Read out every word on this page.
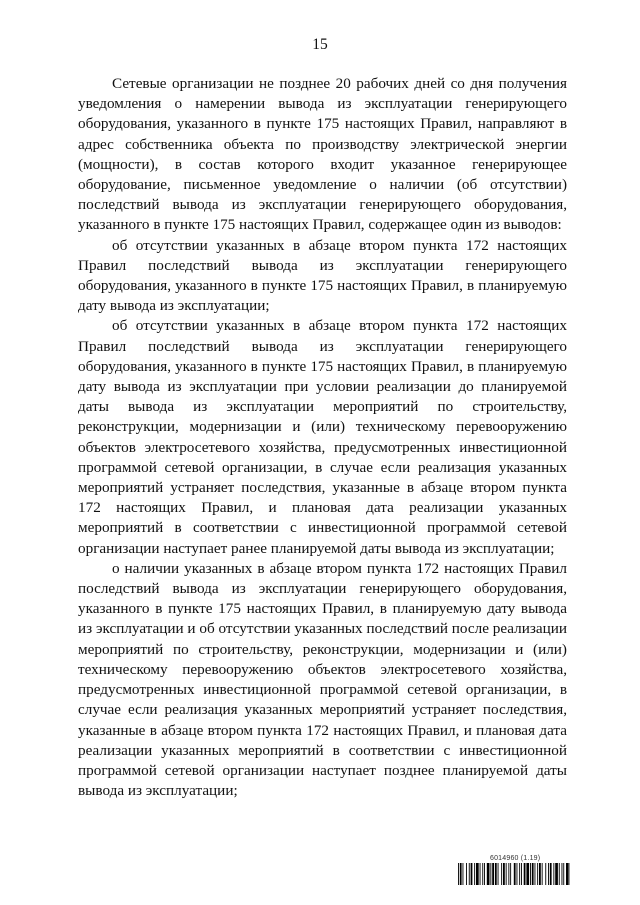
15

Сетевые организации не позднее 20 рабочих дней со дня получения уведомления о намерении вывода из эксплуатации генерирующего оборудования, указанного в пункте 175 настоящих Правил, направляют в адрес собственника объекта по производству электрической энергии (мощности), в состав которого входит указанное генерирующее оборудование, письменное уведомление о наличии (об отсутствии) последствий вывода из эксплуатации генерирующего оборудования, указанного в пункте 175 настоящих Правил, содержащее один из выводов:

об отсутствии указанных в абзаце втором пункта 172 настоящих Правил последствий вывода из эксплуатации генерирующего оборудования, указанного в пункте 175 настоящих Правил, в планируемую дату вывода из эксплуатации;

об отсутствии указанных в абзаце втором пункта 172 настоящих Правил последствий вывода из эксплуатации генерирующего оборудования, указанного в пункте 175 настоящих Правил, в планируемую дату вывода из эксплуатации при условии реализации до планируемой даты вывода из эксплуатации мероприятий по строительству, реконструкции, модернизации и (или) техническому перевооружению объектов электросетевого хозяйства, предусмотренных инвестиционной программой сетевой организации, в случае если реализация указанных мероприятий устраняет последствия, указанные в абзаце втором пункта 172 настоящих Правил, и плановая дата реализации указанных мероприятий в соответствии с инвестиционной программой сетевой организации наступает ранее планируемой даты вывода из эксплуатации;

о наличии указанных в абзаце втором пункта 172 настоящих Правил последствий вывода из эксплуатации генерирующего оборудования, указанного в пункте 175 настоящих Правил, в планируемую дату вывода из эксплуатации и об отсутствии указанных последствий после реализации мероприятий по строительству, реконструкции, модернизации и (или) техническому перевооружению объектов электросетевого хозяйства, предусмотренных инвестиционной программой сетевой организации, в случае если реализация указанных мероприятий устраняет последствия, указанные в абзаце втором пункта 172 настоящих Правил, и плановая дата реализации указанных мероприятий в соответствии с инвестиционной программой сетевой организации наступает позднее планируемой даты вывода из эксплуатации;

6014960 (1.19)
